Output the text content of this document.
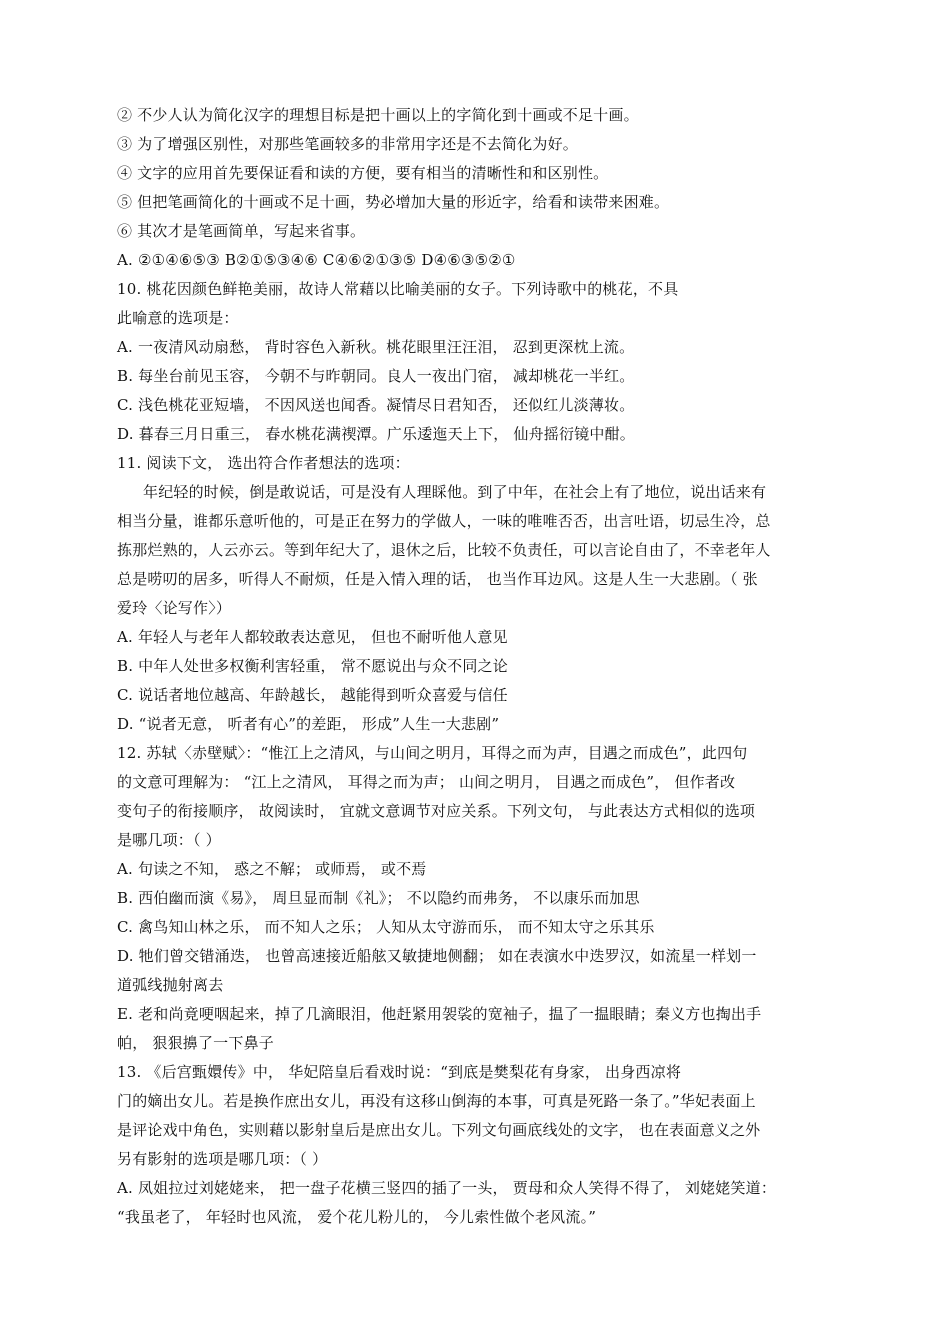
② 不少人认为简化汉字的理想目标是把十画以上的字简化到十画或不足十画。
③ 为了增强区别性，对那些笔画较多的非常用字还是不去简化为好。
④ 文字的应用首先要保证看和读的方便，要有相当的清晰性和和区别性。
⑤ 但把笔画简化的十画或不足十画，势必增加大量的形近字，给看和读带来困难。
⑥ 其次才是笔画简单，写起来省事。
A. ②①④⑥⑤③ B②①⑤③④⑥ C④⑥②①③⑤ D④⑥③⑤②①
10. 桃花因颜色鲜艳美丽，故诗人常藉以比喻美丽的女子。下列诗歌中的桃花，不具
此喻意的选项是：
A. 一夜清风动扇愁， 背时容色入新秋。桃花眼里汪汪泪， 忍到更深枕上流。
B. 每坐台前见玉容， 今朝不与昨朝同。良人一夜出门宿， 减却桃花一半红。
C. 浅色桃花亚短墙， 不因风送也闻香。凝情尽日君知否， 还似红儿淡薄妆。
D. 暮春三月日重三， 春水桃花满禊潭。广乐逶迤天上下， 仙舟摇衍镜中酣。
11. 阅读下文， 选出符合作者想法的选项：
年纪轻的时候，倒是敢说话，可是没有人理睬他。到了中年，在社会上有了地位，说出话来有
相当分量，谁都乐意听他的，可是正在努力的学做人，一味的唯唯否否，出言吐语，切忌生冷，总
拣那烂熟的，人云亦云。等到年纪大了，退休之后，比较不负责任，可以言论自由了，不幸老年人
总是唠叨的居多，听得人不耐烦，任是入情入理的话， 也当作耳边风。这是人生一大悲剧。（ 张
爱玲〈论写作〉）
A. 年轻人与老年人都较敢表达意见， 但也不耐听他人意见
B. 中年人处世多权衡利害轻重， 常不愿说出与众不同之论
C. 说话者地位越高、年龄越长， 越能得到听众喜爱与信任
D. “说者无意， 听者有心”的差距， 形成”人生一大悲剧”
12. 苏轼〈赤壁赋〉：“惟江上之清风，与山间之明月，耳得之而为声，目遇之而成色”，此四句
的文意可理解为： “江上之清风， 耳得之而为声； 山间之明月， 目遇之而成色”， 但作者改
变句子的衔接顺序， 故阅读时， 宜就文意调节对应关系。下列文句， 与此表达方式相似的选项
是哪几项：（ ）
A. 句读之不知， 惑之不解； 或师焉， 或不焉
B. 西伯幽而演《易》， 周旦显而制《礼》； 不以隐约而弗务， 不以康乐而加思
C. 禽鸟知山林之乐， 而不知人之乐； 人知从太守游而乐， 而不知太守之乐其乐
D. 牠们曾交错涌迭， 也曾高速接近船舷又敏捷地侧翻； 如在表演水中迭罗汉，如流星一样划一
道弧线抛射离去
E. 老和尚竟哽咽起来，掉了几滴眼泪，他赶紧用袈裟的宽袖子，揾了一揾眼睛；秦义方也掏出手
帕， 狠狠擤了一下鼻子
13. 《后宫甄嬛传》中， 华妃陪皇后看戏时说：“到底是樊梨花有身家， 出身西凉将
门的嫡出女儿。若是换作庶出女儿，再没有这移山倒海的本事，可真是死路一条了。”华妃表面上
是评论戏中角色，实则藉以影射皇后是庶出女儿。下列文句画底线处的文字， 也在表面意义之外
另有影射的选项是哪几项：（ ）
A. 凤姐拉过刘姥姥来， 把一盘子花横三竖四的插了一头， 贾母和众人笑得不得了， 刘姥姥笑道：
“我虽老了， 年轻时也风流， 爱个花儿粉儿的， 今儿索性做个老风流。”
